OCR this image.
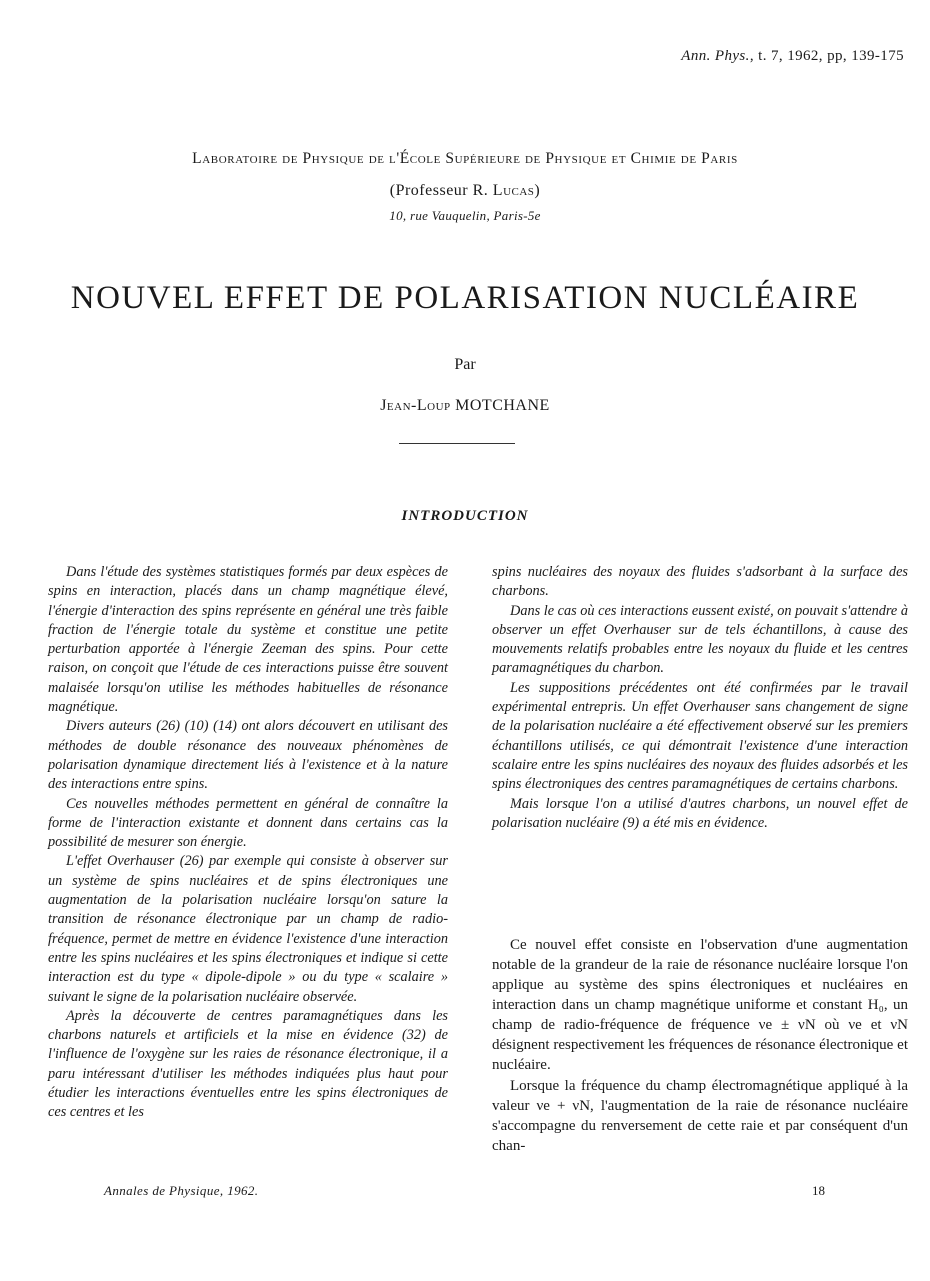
Ann. Phys., t. 7, 1962, pp, 139-175
Laboratoire de Physique de l'École Supérieure de Physique et Chimie de Paris
(Professeur R. Lucas)
10, rue Vauquelin, Paris-5e
NOUVEL EFFET DE POLARISATION NUCLÉAIRE
Par
Jean-Loup MOTCHANE
INTRODUCTION

Dans l'étude des systèmes statistiques formés par deux espèces de spins en interaction, placés dans un champ magnétique élevé, l'énergie d'interaction des spins représente en général une très faible fraction de l'énergie totale du système et constitue une petite perturbation apportée à l'énergie Zeeman des spins. Pour cette raison, on conçoit que l'étude de ces interactions puisse être souvent malaisée lorsqu'on utilise les méthodes habituelles de résonance magnétique.

Divers auteurs (26) (10) (14) ont alors découvert en utilisant des méthodes de double résonance des nouveaux phénomènes de polarisation dynamique directement liés à l'existence et à la nature des interactions entre spins.

Ces nouvelles méthodes permettent en général de connaître la forme de l'interaction existante et donnent dans certains cas la possibilité de mesurer son énergie.

L'effet Overhauser (26) par exemple qui consiste à observer sur un système de spins nucléaires et de spins électroniques une augmentation de la polarisation nucléaire lorsqu'on sature la transition de résonance électronique par un champ de radio-fréquence, permet de mettre en évidence l'existence d'une interaction entre les spins nucléaires et les spins électroniques et indique si cette interaction est du type « dipole-dipole » ou du type « scalaire » suivant le signe de la polarisation nucléaire observée.

Après la découverte de centres paramagnétiques dans les charbons naturels et artificiels et la mise en évidence (32) de l'influence de l'oxygène sur les raies de résonance électronique, il a paru intéressant d'utiliser les méthodes indiquées plus haut pour étudier les interactions éventuelles entre les spins électroniques de ces centres et les

spins nucléaires des noyaux des fluides s'adsorbant à la surface des charbons.

Dans le cas où ces interactions eussent existé, on pouvait s'attendre à observer un effet Overhauser sur de tels échantillons, à cause des mouvements relatifs probables entre les noyaux du fluide et les centres paramagnétiques du charbon.

Les suppositions précédentes ont été confirmées par le travail expérimental entrepris. Un effet Overhauser sans changement de signe de la polarisation nucléaire a été effectivement observé sur les premiers échantillons utilisés, ce qui démontrait l'existence d'une interaction scalaire entre les spins nucléaires des noyaux des fluides adsorbés et les spins électroniques des centres paramagnétiques de certains charbons.

Mais lorsque l'on a utilisé d'autres charbons, un nouvel effet de polarisation nucléaire (9) a été mis en évidence.

Ce nouvel effet consiste en l'observation d'une augmentation notable de la grandeur de la raie de résonance nucléaire lorsque l'on applique au système des spins électroniques et nucléaires en interaction dans un champ magnétique uniforme et constant H₀, un champ de radio-fréquence de fréquence νe ± νN où νe et νN désignent respectivement les fréquences de résonance électronique et nucléaire.

Lorsque la fréquence du champ électromagnétique appliqué à la valeur νe + νN, l'augmentation de la raie de résonance nucléaire s'accompagne du renversement de cette raie et par conséquent d'un chan-

Annales de Physique, 1962.	18
